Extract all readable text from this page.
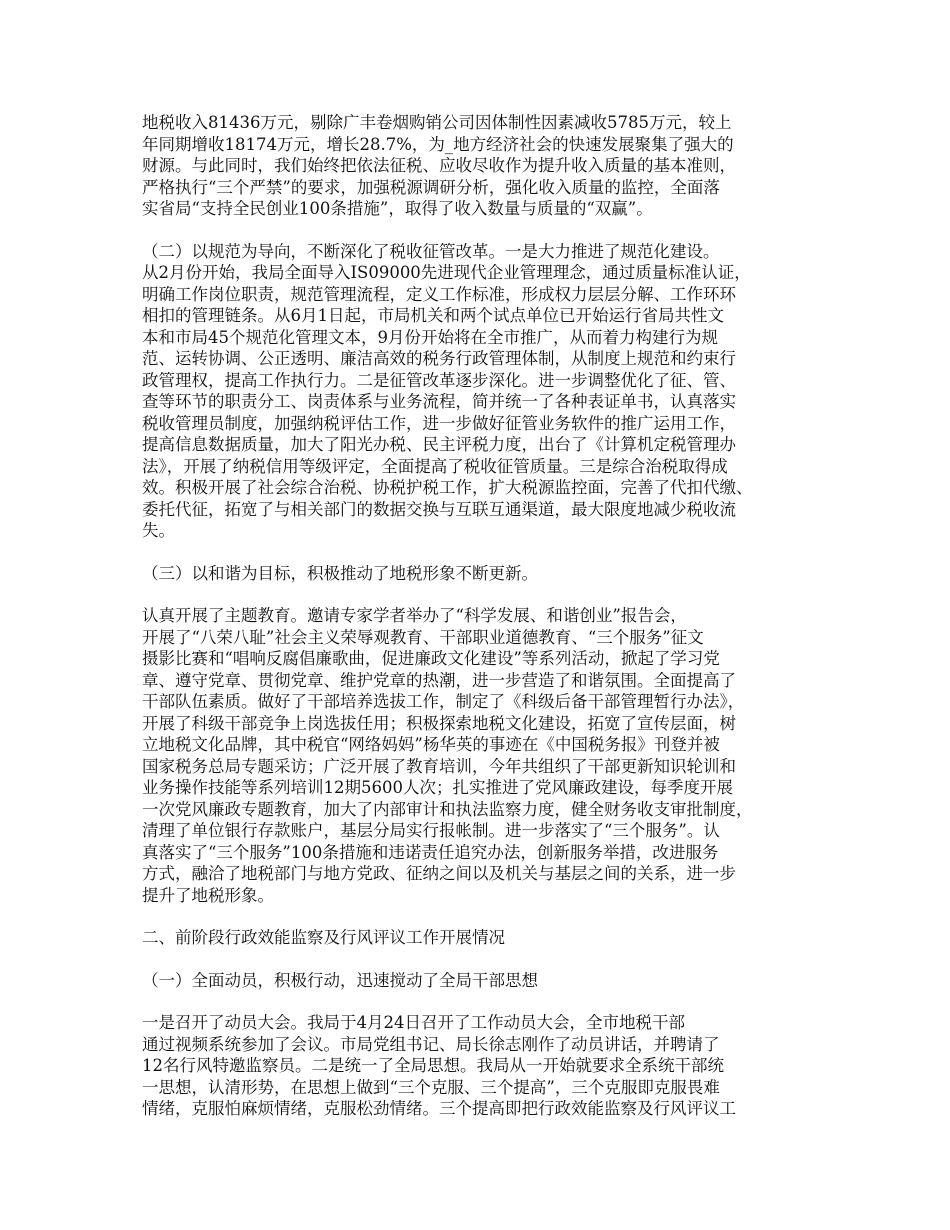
地税收入81436万元，剔除广丰卷烟购销公司因体制性因素减收5785万元，较上
年同期增收18174万元，增长28.7%，为_地方经济社会的快速发展聚集了强大的
财源。与此同时，我们始终把依法征税、应收尽收作为提升收入质量的基本准则，
严格执行“三个严禁”的要求，加强税源调研分析，强化收入质量的监控，全面落
实省局“支持全民创业100条措施”，取得了收入数量与质量的“双赢”。
（二）以规范为导向，不断深化了税收征管改革。一是大力推进了规范化建设。
从2月份开始，我局全面导入IS09000先进现代企业管理理念，通过质量标准认证，
明确工作岗位职责，规范管理流程，定义工作标准，形成权力层层分解、工作环环
相扣的管理链条。从6月1日起，市局机关和两个试点单位已开始运行省局共性文
本和市局45个规范化管理文本，9月份开始将在全市推广，从而着力构建行为规
范、运转协调、公正透明、廉洁高效的税务行政管理体制，从制度上规范和约束行
政管理权，提高工作执行力。二是征管改革逐步深化。进一步调整优化了征、管、
查等环节的职责分工、岗责体系与业务流程，简并统一了各种表证单书，认真落实
税收管理员制度，加强纳税评估工作，进一步做好征管业务软件的推广运用工作，
提高信息数据质量，加大了阳光办税、民主评税力度，出台了《计算机定税管理办
法》，开展了纳税信用等级评定，全面提高了税收征管质量。三是综合治税取得成
效。积极开展了社会综合治税、协税护税工作，扩大税源监控面，完善了代扣代缴、
委托代征，拓宽了与相关部门的数据交换与互联互通渠道，最大限度地减少税收流
失。
（三）以和谐为目标，积极推动了地税形象不断更新。
认真开展了主题教育。邀请专家学者举办了“科学发展、和谐创业”报告会，
开展了“八荣八耻”社会主义荣辱观教育、干部职业道德教育、“三个服务”征文
摄影比赛和“唱响反腐倡廉歌曲，促进廉政文化建设”等系列活动，掀起了学习党
章、遵守党章、贯彻党章、维护党章的热潮，进一步营造了和谐氛围。全面提高了
干部队伍素质。做好了干部培养选拔工作，制定了《科级后备干部管理暂行办法》，
开展了科级干部竞争上岗选拔任用；积极探索地税文化建设，拓宽了宣传层面，树
立地税文化品牌，其中税官“网络妈妈”杨华英的事迹在《中国税务报》刊登并被
国家税务总局专题采访；广泛开展了教育培训，今年共组织了干部更新知识轮训和
业务操作技能等系列培训12期5600人次；扎实推进了党风廉政建设，每季度开展
一次党风廉政专题教育，加大了内部审计和执法监察力度，健全财务收支审批制度，
清理了单位银行存款账户，基层分局实行报帐制。进一步落实了“三个服务”。认
真落实了“三个服务”100条措施和违诺责任追究办法，创新服务举措，改进服务
方式，融洽了地税部门与地方党政、征纳之间以及机关与基层之间的关系，进一步
提升了地税形象。
二、前阶段行政效能监察及行风评议工作开展情况
（一）全面动员，积极行动，迅速搅动了全局干部思想
一是召开了动员大会。我局于4月24日召开了工作动员大会，全市地税干部
通过视频系统参加了会议。市局党组书记、局长徐志刚作了动员讲话，并聘请了
12名行风特邀监察员。二是统一了全局思想。我局从一开始就要求全系统干部统
一思想，认清形势，在思想上做到“三个克服、三个提高”，三个克服即克服畏难
情绪，克服怕麻烦情绪，克服松劲情绪。三个提高即把行政效能监察及行风评议工
